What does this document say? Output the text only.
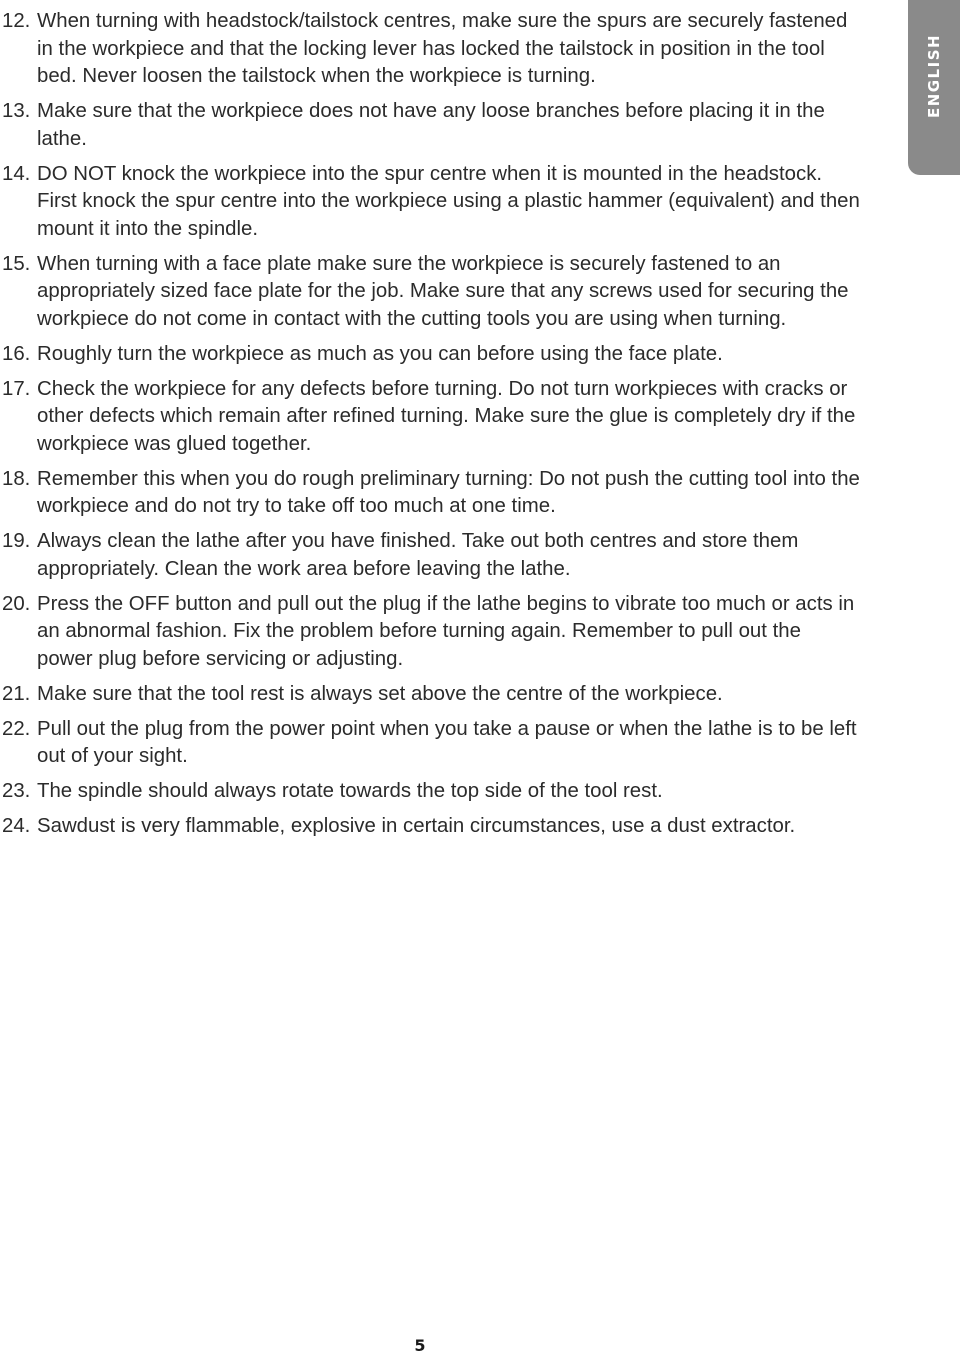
12. When turning with headstock/tailstock centres, make sure the spurs are securely fastened in the workpiece and that the locking lever has locked the tailstock in position in the tool bed. Never loosen the tailstock when the workpiece is turning.
13. Make sure that the workpiece does not have any loose branches before placing it in the lathe.
14. DO NOT knock the workpiece into the spur centre when it is mounted in the headstock. First knock the spur centre into the workpiece using a plastic hammer (equivalent) and then mount it into the spindle.
15. When turning with a face plate make sure the workpiece is securely fastened to an appropriately sized face plate for the job. Make sure that any screws used for securing the workpiece do not come in contact with the cutting tools you are using when turning.
16. Roughly turn the workpiece as much as you can before using the face plate.
17. Check the workpiece for any defects before turning. Do not turn workpieces with cracks or other defects which remain after refined turning. Make sure the glue is completely dry if the workpiece was glued together.
18. Remember this when you do rough preliminary turning: Do not push the cutting tool into the workpiece and do not try to take off too much at one time.
19. Always clean the lathe after you have finished. Take out both centres and store them appropriately. Clean the work area before leaving the lathe.
20. Press the OFF button and pull out the plug if the lathe begins to vibrate too much or acts in an abnormal fashion. Fix the problem before turning again. Remember to pull out the power plug before servicing or adjusting.
21. Make sure that the tool rest is always set above the centre of the workpiece.
22. Pull out the plug from the power point when you take a pause or when the lathe is to be left out of your sight.
23. The spindle should always rotate towards the top side of the tool rest.
24. Sawdust is very flammable, explosive in certain circumstances, use a dust extractor.
ENGLISH
5
